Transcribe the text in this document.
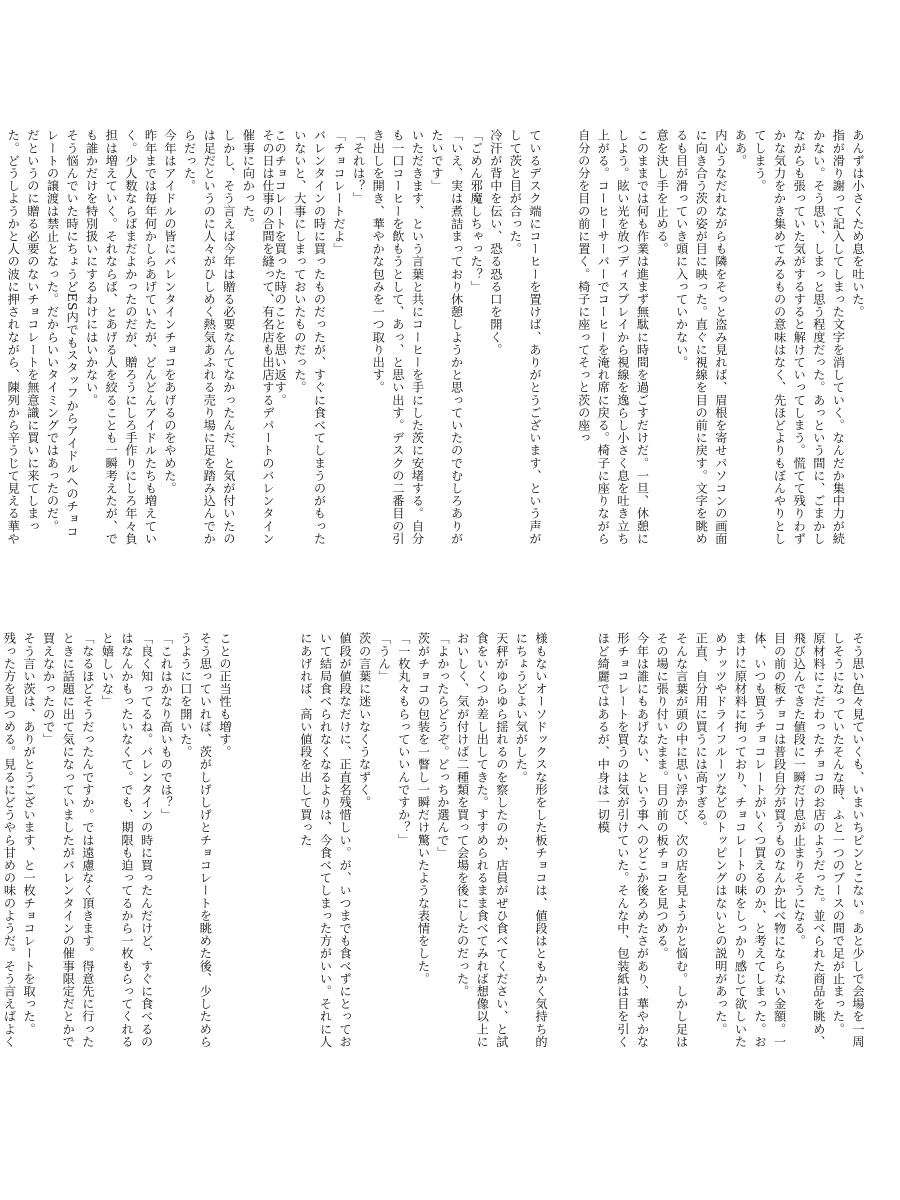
あんずは小さくため息を吐いた。

指が滑り謝って記入してしまった文字を消していく。なんだか集中力が続かない。そう思い、しまっと思う程度だった。あっという間に、ごまかしながらも張っていた気がするすると解けていってしまう。慌てて残りわずかな気力をかき集めてみるものの意味はなく、先ほどよりもぼんやりとしてしまう。

ああ。

内心うなだれながらも隣をそっと盗み見れば、眉根を寄せパソコンの画面に向き合う茨の姿が目に映った。直ぐに視線を目の前に戻す。文字を眺めるも目が滑っていき頭に入っていかない。

意を決し手を止める。

このままでは何も作業は進まず無駄に時間を過ごすだけだ。一旦、休憩にしよう。眩い光を放つディスプレイから視線を逸らし小さく息を吐き立ち上がる。コーヒーサーバーでコーヒーを淹れ席に戻る。椅子に座りながら自分の分を目の前に置く。椅子に座ってそっと茨の座っ

ているデスク端にコーヒーを置けば、ありがとうございます、という声がして茨と目が合った。

冷汗が背中を伝い、恐る恐る口を開く。

「ごめん邪魔しちゃった？」

「いえ、実は煮詰まっており休憩しようかと思っていたのでむしろありがたいです」

いただきます、という言葉と共にコーヒーを手にした茨に安堵する。自分も一口コーヒーを飲もうとして、あっ、と思い出す。デスクの二番目の引き出しを開き、華やかな包みを一つ取り出す。

「それは？」

「チョコレートだよ」

バレンタインの時に買ったものだったが、すぐに食べてしまうのがもったいないと、大事にしまっておいたものだった。

このチョコレートを買った時のことを思い返す。

その日は仕事の合間を縫って、有名店も出店するデパートのバレンタイン催事に向かった。

しかし、そう言えば今年は贈る必要なんてなかったんだ、と気が付いたのは足だというのに人々がひしめく熱気あふれる売り場に足を踏み込んでからだった。

今年はアイドルの皆にバレンタインチョコをあげるのをやめた。

昨年までは毎年何かしらあげていたが、どんどんアイドルたちも増えていく。少人数ならばまだよかったのだが、贈ろうにしろ手作りにしろ年々負担は増えていく。それならば、とあげる人を絞ることも一瞬考えたが、でも誰かだけを特別扱いにするわけにはいかない。

そう悩んでいた時にちょうどES内でもスタッフからアイドルへのチョコレートの譲渡は禁止となった。だからいいタイミングではあったのだ。

だというのに贈る必要のないチョコレートを無意識に買いに来てしまった。どうしようかと人の波に押されながら、陳列から辛うじて見える華や

そう思い色々見ていくも、いまいちピンとこない。あと少しで会場を一周しそうになっていたそんな時、ふと一つのブースの間で足が止まった。

原材料にこだわったチョコのお店のようだった。並べられた商品を眺め、飛び込んできた値段に一瞬だけ息が止まりそうになる。

目の前の板チョコは普段自分が買うものなんか比べ物にならない金額。一体、いつも買うチョコレートがいくつ買えるのか、と考えてしまった。おまけに原材料に拘っており、チョコレートの味をしっかり感じて欲しいためナッツやドライフルーツなどのトッピングはないとの説明があった。

正直、自分用に買うには高すぎる。

そんな言葉が頭の中に思い浮かび、次の店を見ようかと悩む。しかし足はその場に張り付いたまま。目の前の板チョコを見つめる。

今年は誰にもあげない、という事へのどこか後ろめたさがあり、華やかな形チョコレートを買うのは気が引けていた。そんな中、包装紙は目を引くほど綺麗ではあるが、中身は一切模

様もないオーソドックスな形をした板チョコは、値段はともかく気持ち的にちょうどよい気がした。

天秤がゆらゆら揺れるのを察したのか、店員がぜひ食べてください、と試食をいくつか差し出してきた。すすめられるまま食べてみれば想像以上においしく、気が付けば二種類を買って会場を後にしたのだった。

「よかったらどうぞ。どっちか選んで」

茨がチョコの包装を一瞥し一瞬だけ驚いたような表情をした。

「一枚丸々もらっていいんですか？」

「うん」

茨の言葉に迷いなくうなずく。

値段が値段なだけに、正直名残惜しい。が、いつまでも食べずにとっておいて結局食べられなくなるよりは、今食べてしまった方がいい。それに人にあげれば、高い値段を出して買った

ことの正当性も増す。

そう思っていれば、茨がしげしげとチョコレートを眺めた後、少しためらうように口を開いた。

「これはかなり高いものでは？」

「良く知ってるね。バレンタインの時に買ったんだけど、すぐに食べるのはなんかもったいなくて。でも、期限も迫ってるから一枚もらってくれると嬉しいな」

「なるほどそうだったんですか。では遠慮なく頂きます。得意先に行ったときに話題に出て気になっていましたがバレンタインの催事限定だとかで買えなかったので」

そう言い茨は、ありがとうございます、と一枚チョコレートを取った。

残った方を見つめる。見るにどうやら甘めの味のようだ。そう言えばよく
